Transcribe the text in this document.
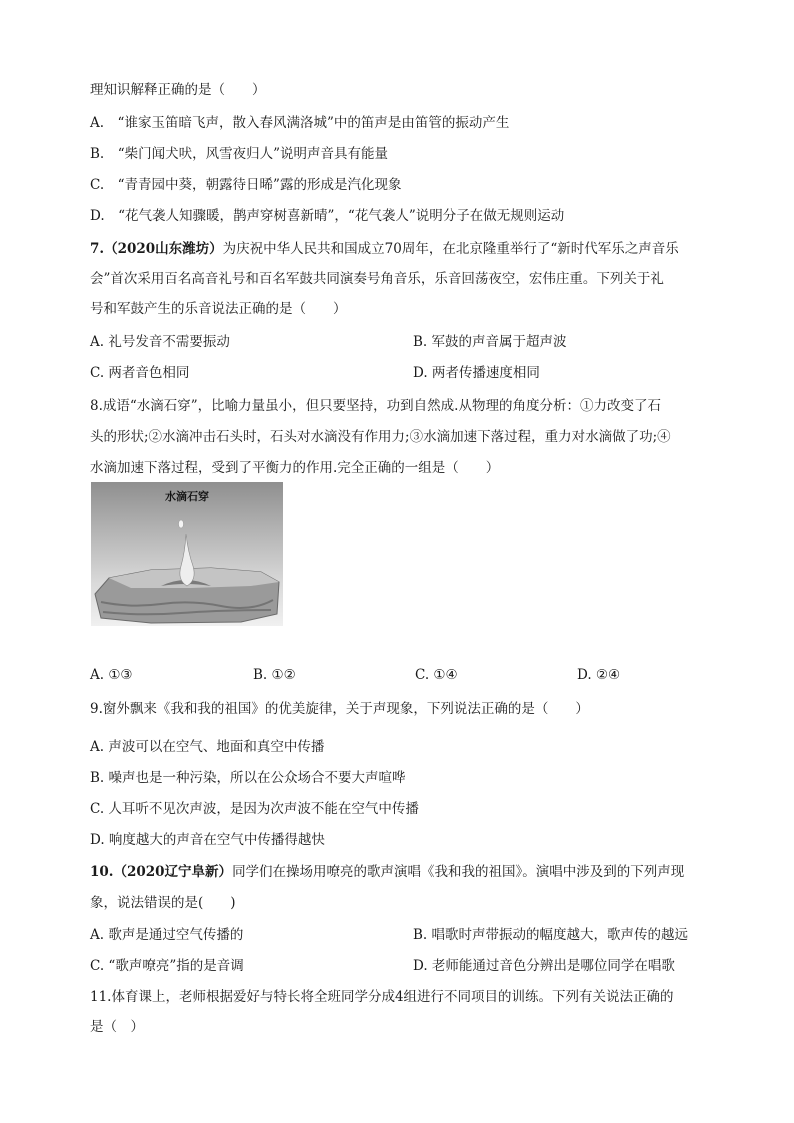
理知识解释正确的是（　　）
A.　“谁家玉笛暗飞声，散入春风满洛城”中的笛声是由笛管的振动产生
B.　“柴门闻犬吠，风雪夜归人”说明声音具有能量
C.　“青青园中葵，朝露待日晞”露的形成是汽化现象
D.　“花气袭人知骤暖，鹊声穿树喜新晴”，“花气袭人”说明分子在做无规则运动
7.（2020山东潍坊）为庆祝中华人民共和国成立70周年，在北京隆重举行了“新时代军乐之声音乐
会”首次采用百名高音礼号和百名军鼓共同演奏号角音乐，乐音回荡夜空，宏伟庄重。下列关于礼
号和军鼓产生的乐音说法正确的是（　　）
A. 礼号发音不需要振动	B. 军鼓的声音属于超声波
C. 两者音色相同	D. 两者传播速度相同
8.成语“水滴石穿”，比喻力量虽小，但只要坚持，功到自然成.从物理的角度分析：①力改变了石
头的形状;②水滴冲击石头时，石头对水滴没有作用力;③水滴加速下落过程，重力对水滴做了功;④
水滴加速下落过程，受到了平衡力的作用.完全正确的一组是（　　）
水滴石穿
A. ①③	B. ①②	C. ①④	D. ②④
9.窗外飘来《我和我的祖国》的优美旋律，关于声现象，下列说法正确的是（　　）
A. 声波可以在空气、地面和真空中传播
B. 噪声也是一种污染，所以在公众场合不要大声喧哗
C. 人耳听不见次声波，是因为次声波不能在空气中传播
D. 响度越大的声音在空气中传播得越快
10.（2020辽宁阜新）同学们在操场用嘹亮的歌声演唱《我和我的祖国》。演唱中涉及到的下列声现
象，说法错误的是(　　)
A. 歌声是通过空气传播的	B. 唱歌时声带振动的幅度越大，歌声传的越远
C. “歌声嘹亮”指的是音调	D. 老师能通过音色分辨出是哪位同学在唱歌
11.体育课上，老师根据爱好与特长将全班同学分成4组进行不同项目的训练。下列有关说法正确的
是（　）
